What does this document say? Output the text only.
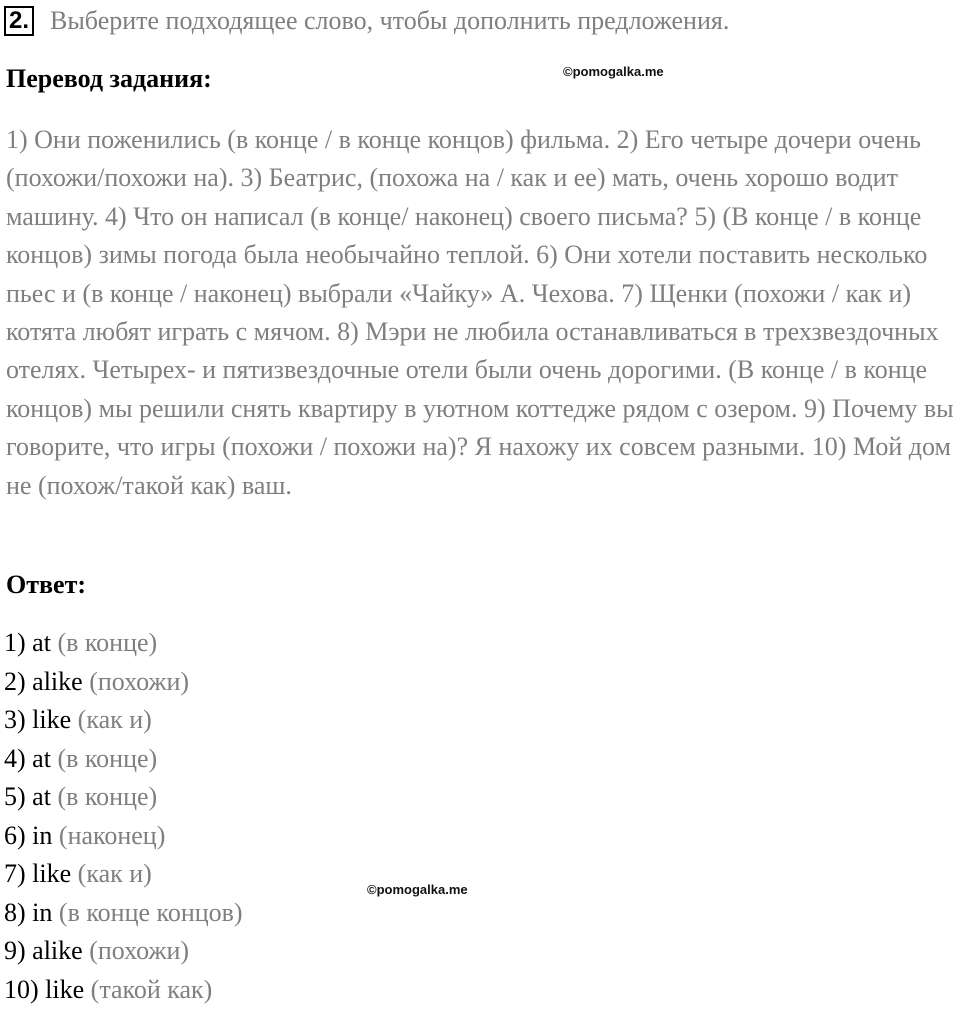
2. Выберите подходящее слово, чтобы дополнить предложения.
Перевод задания:	©pomogalka.me

1) Они поженились (в конце / в конце концов) фильма. 2) Его четыре дочери очень (похожи/похожи на). 3) Беатрис, (похожа на / как и ее) мать, очень хорошо водит машину. 4) Что он написал (в конце/ наконец) своего письма? 5) (В конце / в конце концов) зимы погода была необычайно теплой. 6) Они хотели поставить несколько пьес и (в конце / наконец) выбрали «Чайку» А. Чехова. 7) Щенки (похожи / как и) котята любят играть с мячом. 8) Мэри не любила останавливаться в трехзвездочных отелях. Четырех- и пятизвездочные отели были очень дорогими. (В конце / в конце концов) мы решили снять квартиру в уютном коттедже рядом с озером. 9) Почему вы говорите, что игры (похожи / похожи на)? Я нахожу их совсем разными. 10) Мой дом не (похож/такой как) ваш.

Ответ:
1) at (в конце)
2) alike (похожи)
3) like (как и)
4) at (в конце)
5) at (в конце)
6) in (наконец)
7) like (как и)
8) in (в конце концов)
9) alike (похожи)
10) like (такой как)
©pomogalka.me
